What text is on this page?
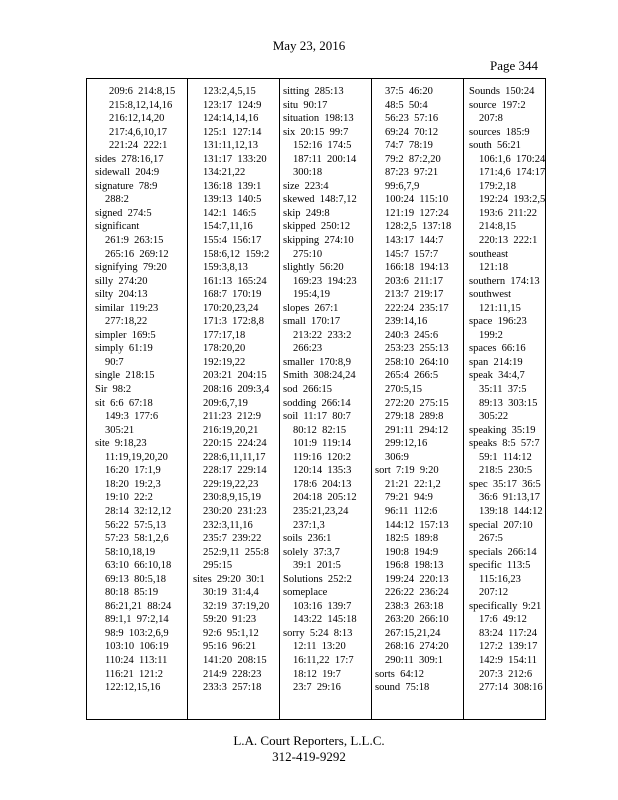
May 23, 2016
Page 344
209:6  214:8,15
215:8,12,14,16
216:12,14,20
217:4,6,10,17
221:24  222:1
sides  278:16,17
sidewall  204:9
signature  78:9
288:2
signed  274:5
significant
261:9  263:15
265:16  269:12
signifying  79:20
silly  274:20
silty  204:13
similar  119:23
277:18,22
simpler  169:5
simply  61:19
90:7
single  218:15
Sir  98:2
sit  6:6  67:18
149:3  177:6
305:21
site  9:18,23
11:19,19,20,20
16:20  17:1,9
18:20  19:2,3
19:10  22:2
28:14  32:12,12
56:22  57:5,13
57:23  58:1,2,6
58:10,18,19
63:10  66:10,18
69:13  80:5,18
80:18  85:19
86:21,21  88:24
89:1,1  97:2,14
98:9  103:2,6,9
103:10  106:19
110:24  113:11
116:21  121:2
122:12,15,16
123:2,4,5,15
123:17  124:9
124:14,14,16
125:1  127:14
131:11,12,13
131:17  133:20
134:21,22
136:18  139:1
139:13  140:5
142:1  146:5
154:7,11,16
155:4  156:17
158:6,12  159:2
159:3,8,13
161:13  165:24
168:7  170:19
170:20,23,24
171:3  172:8,8
177:17,18
178:20,20
192:19,22
203:21  204:15
208:16  209:3,4
209:6,7,19
211:23  212:9
216:19,20,21
220:15  224:24
228:6,11,11,17
228:17  229:14
229:19,22,23
230:8,9,15,19
230:20  231:23
232:3,11,16
235:7  239:22
252:9,11  255:8
295:15
sites  29:20  30:1
30:19  31:4,4
32:19  37:19,20
59:20  91:23
92:6  95:1,12
95:16  96:21
141:20  208:15
214:9  228:23
233:3  257:18
sitting  285:13
situ  90:17
situation  198:13
six  20:15  99:7
152:16  174:5
187:11  200:14
300:18
size  223:4
skewed  148:7,12
skip  249:8
skipped  250:12
skipping  274:10
275:10
slightly  56:20
169:23  194:23
195:4,19
slopes  267:1
small  170:17
213:22  233:2
266:23
smaller  170:8,9
Smith  308:24,24
sod  266:15
sodding  266:14
soil  11:17  80:7
80:12  82:15
101:9  119:14
119:16  120:2
120:14  135:3
178:6  204:13
204:18  205:12
235:21,23,24
237:1,3
soils  236:1
solely  37:3,7
39:1  201:5
Solutions  252:2
someplace
103:16  139:7
143:22  145:18
sorry  5:24  8:13
12:11  13:20
16:11,22  17:7
18:12  19:7
23:7  29:16
37:5  46:20
48:5  50:4
56:23  57:16
69:24  70:12
74:7  78:19
79:2  87:2,20
87:23  97:21
99:6,7,9
100:24  115:10
121:19  127:24
128:2,5  137:18
143:17  144:7
145:7  157:7
166:18  194:13
203:6  211:17
213:7  219:17
222:24  235:17
239:14,16
240:3  245:6
253:23  255:13
258:10  264:10
265:4  266:5
270:5,15
272:20  275:15
279:18  289:8
291:11  294:12
299:12,16
306:9
sort  7:19  9:20
21:21  22:1,2
79:21  94:9
96:11  112:6
144:12  157:13
182:5  189:8
190:8  194:9
196:8  198:13
199:24  220:13
226:22  236:24
238:3  263:18
263:20  266:10
267:15,21,24
268:16  274:20
290:11  309:1
sorts  64:12
sound  75:18
Sounds  150:24
source  197:2
207:8
sources  185:9
south  56:21
106:1,6  170:24
171:4,6  174:17
179:2,18
192:24  193:2,5
193:6  211:22
214:8,15
220:13  222:1
southeast
121:18
southern  174:13
southwest
121:11,15
space  196:23
199:2
spaces  66:16
span  214:19
speak  34:4,7
35:11  37:5
89:13  303:15
305:22
speaking  35:19
speaks  8:5  57:7
59:1  114:12
218:5  230:5
spec  35:17  36:5
36:6  91:13,17
139:18  144:12
special  207:10
267:5
specials  266:14
specific  113:5
115:16,23
207:12
specifically  9:21
17:6  49:12
83:24  117:24
127:2  139:17
142:9  154:11
207:3  212:6
277:14  308:16
L.A. Court Reporters, L.L.C.
312-419-9292
